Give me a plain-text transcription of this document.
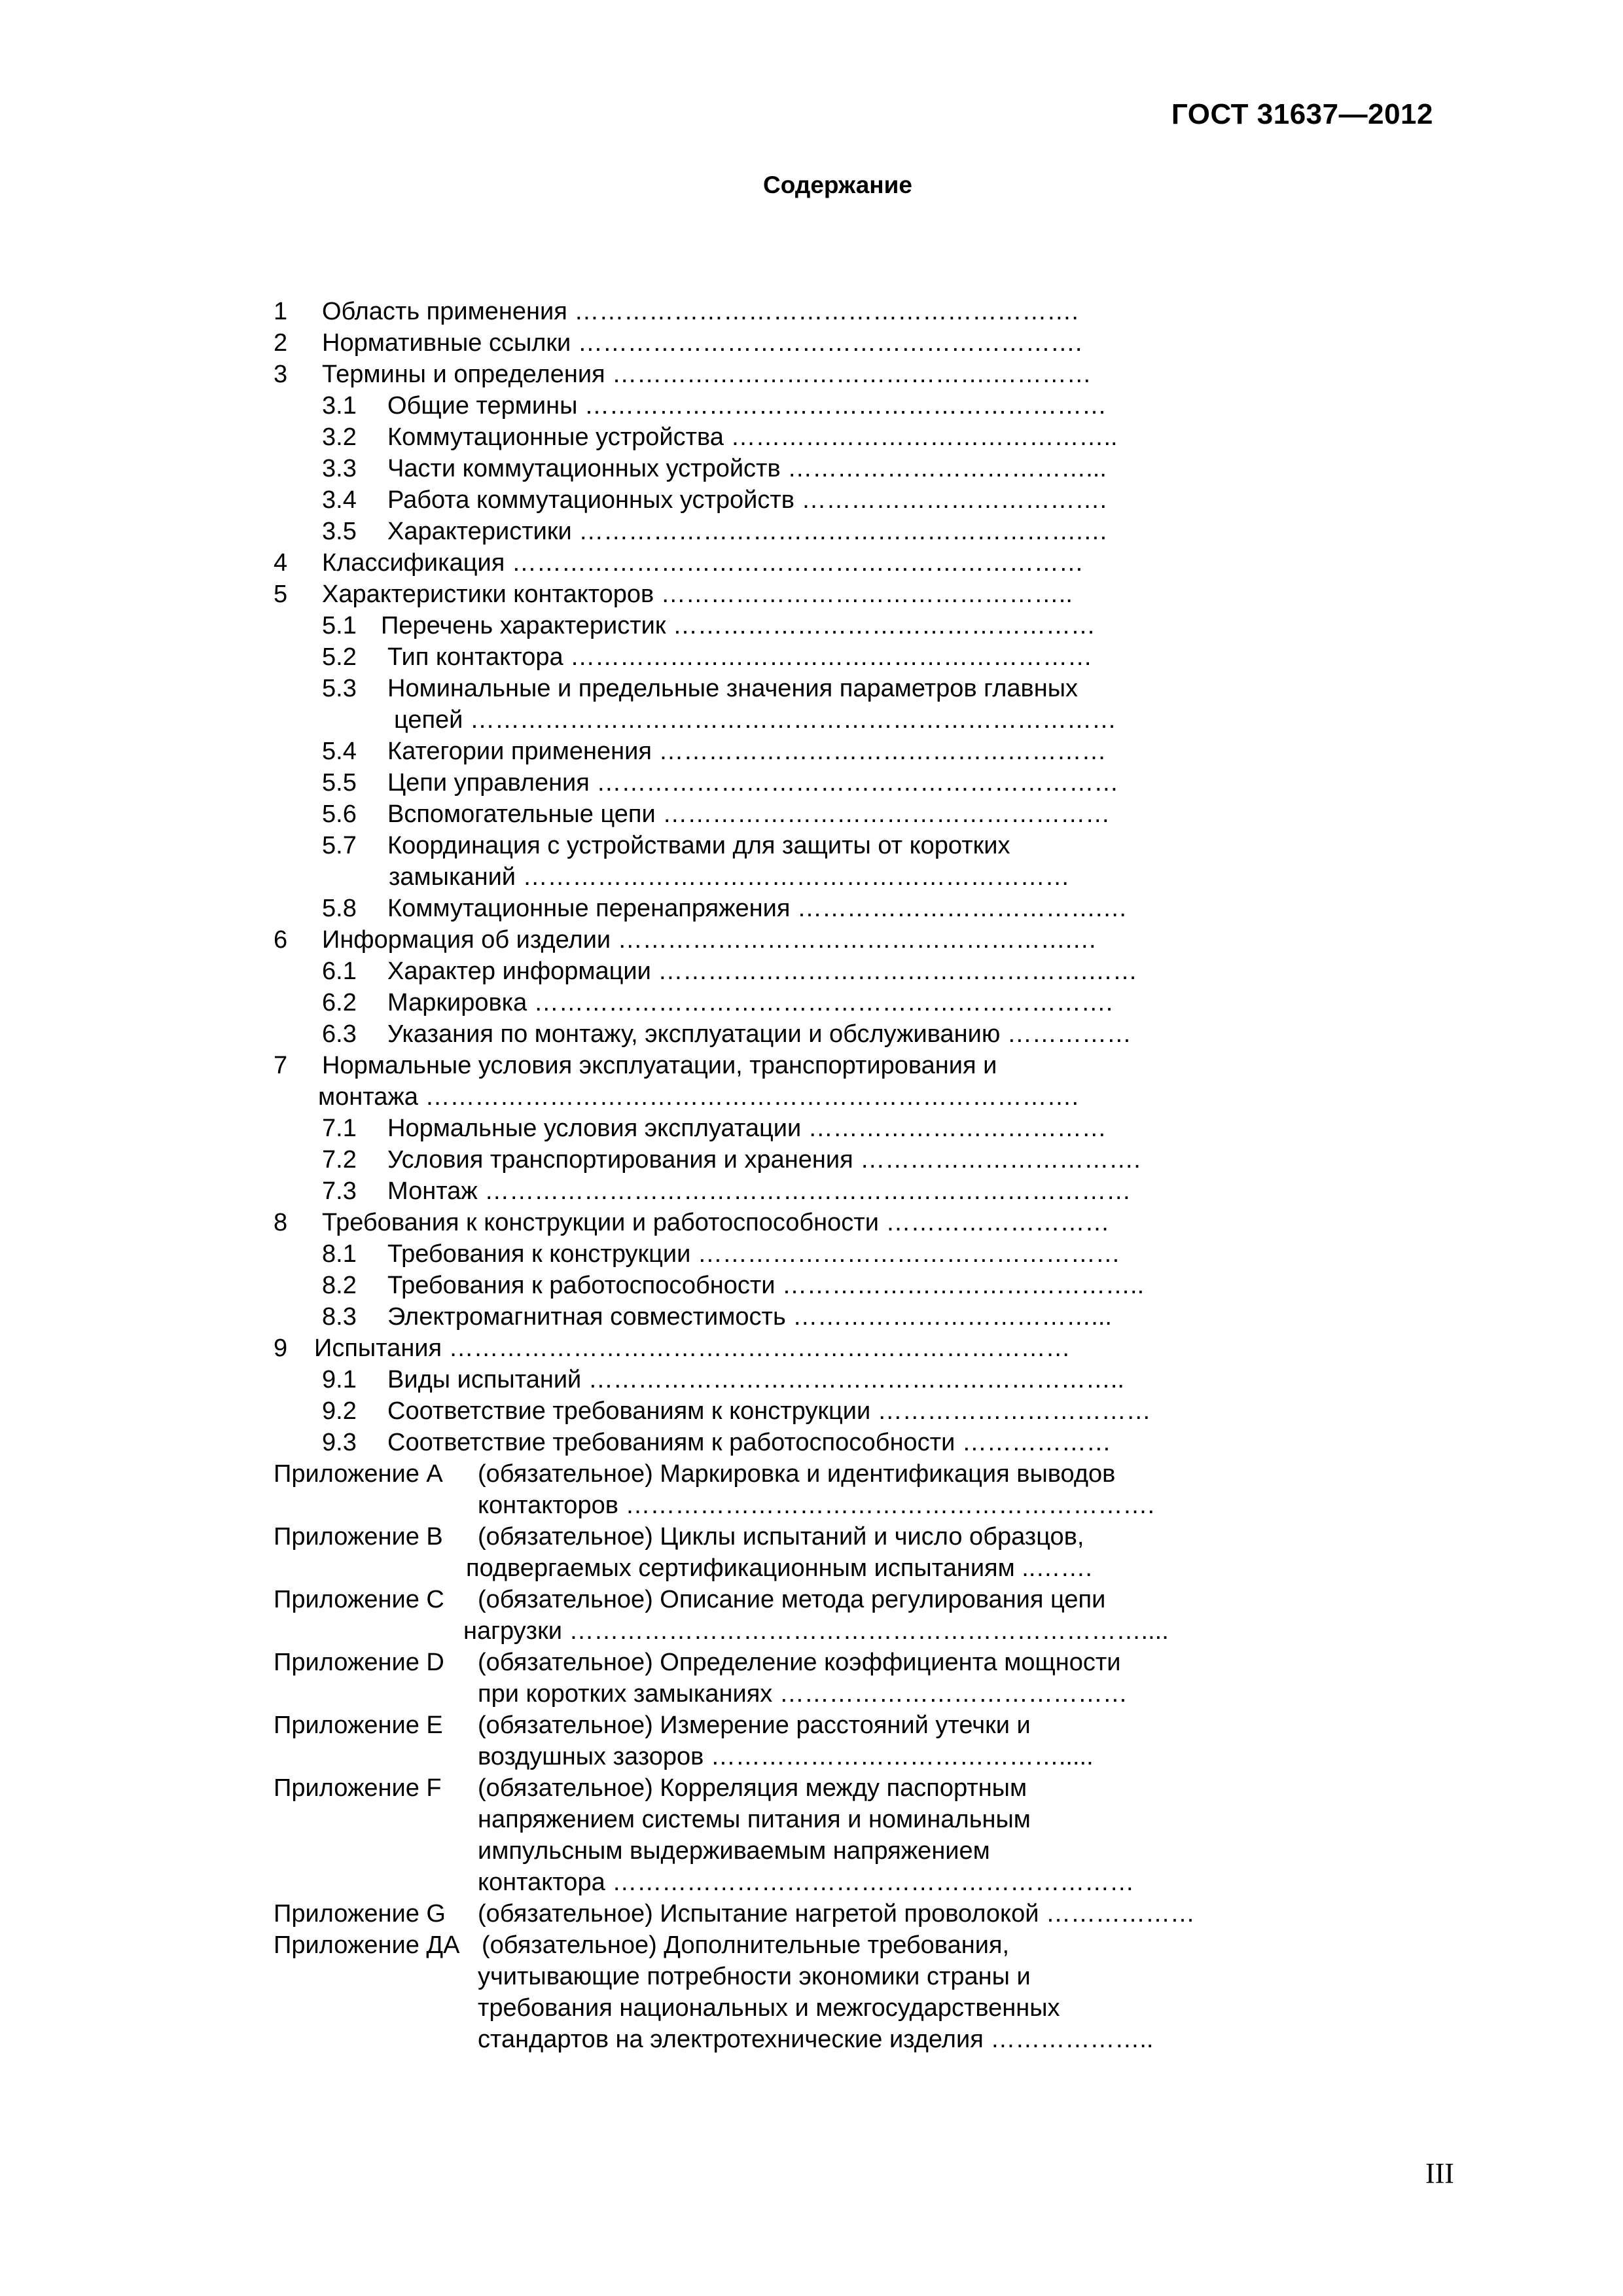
ГОСТ 31637—2012

Содержание
1 Область применения …………………………………………………….
2 Нормативные ссылки …………………………………………………….
3 Термины и определения ……………………………………….…………
3.1 Общие термины ………………………………………………………
3.2 Коммутационные устройства ………………………………………..
3.3 Части коммутационных устройств ………………………………...
3.4 Работа коммутационных устройств ……………………………….
3.5 Характеристики …………………………………………………….…
4 Классификация ……………………………………………………………
5 Характеристики контакторов …………………………………………..
5.1 Перечень характеристик ……………………………………………
5.2 Тип контактора ………………………………………………………
5.3 Номинальные и предельные значения параметров главных
цепей ……………………………………………………………………
5.4 Категории применения ………………………………………………
5.5 Цепи управления ………………………………………………………
5.6 Вспомогательные цепи ………………………………………………
5.7 Координация с устройствами для защиты от коротких
замыканий …………………………………………………………
5.8 Коммутационные перенапряжения ……………………………….…
6 Информация об изделии ……………………………………………….…
6.1 Характер информации …………………………………………….……
6.2 Маркировка …………………………………………………………….
6.3 Указания по монтажу, эксплуатации и обслуживанию ……………
7 Нормальные условия эксплуатации, транспортирования и
монтажа …………………………………………………………………….
7.1 Нормальные условия эксплуатации ………………………………
7.2 Условия транспортирования и хранения …………………………….
7.3 Монтаж ……………………………………………………………………
8 Требования к конструкции и работоспособности ………………………
8.1 Требования к конструкции ……………………………………………
8.2 Требования к работоспособности ……………………………………..
8.3 Электромагнитная совместимость ………………………………...
9 Испытания …………………………………………………………………
9.1 Виды испытаний ………………………………………………………..
9.2 Соответствие требованиям к конструкции ……………………………
9.3 Соответствие требованиям к работоспособности ………………
Приложение A (обязательное) Маркировка и идентификация выводов
контакторов ……………………………………………………….
Приложение B (обязательное) Циклы испытаний и число образцов,
подвергаемых сертификационным испытаниям ..…….
Приложение C (обязательное) Описание метода регулирования цепи
нагрузки ……………………………………………………………....
Приложение D (обязательное) Определение коэффициента мощности
при коротких замыканиях ……………………………………
Приложение E (обязательное) Измерение расстояний утечки и
воздушных зазоров …………………………………….....
Приложение F (обязательное) Корреляция между паспортным
напряжением системы питания и номинальным
импульсным выдерживаемым напряжением
контактора ………………………………………………………
Приложение G (обязательное) Испытание нагретой проволокой ………………
Приложение ДА (обязательное) Дополнительные требования,
учитывающие потребности экономики страны и
требования национальных и межгосударственных
стандартов на электротехнические изделия ………………..

III
